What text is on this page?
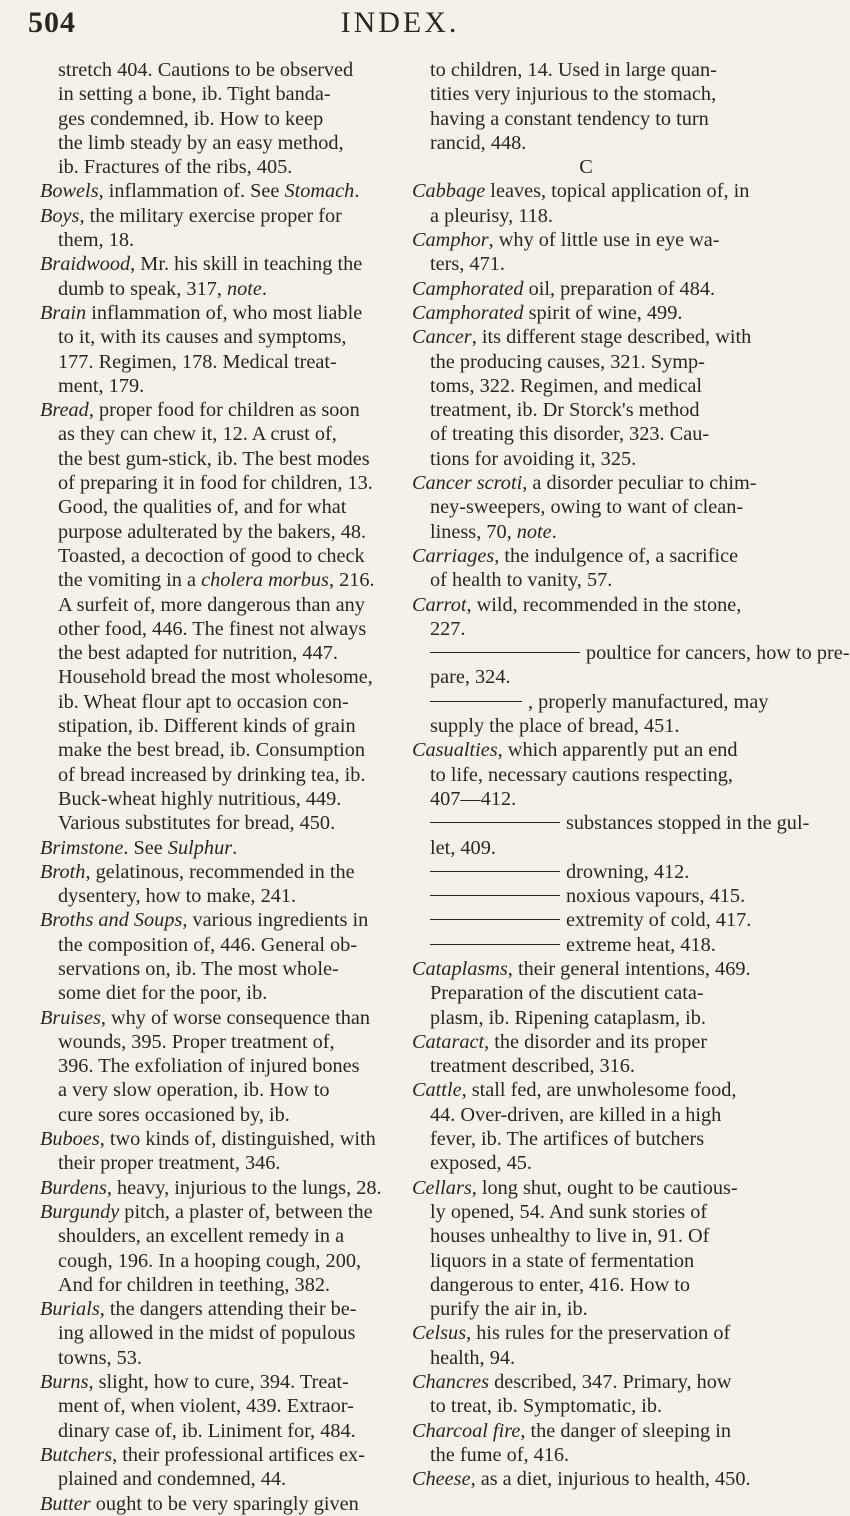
504	INDEX.
stretch 404. Cautions to be observed
in setting a bone, ib. Tight banda-
ges condemned, ib. How to keep
the limb steady by an easy method,
ib. Fractures of the ribs, 405.
Bowels, inflammation of. See Stomach.
Boys, the military exercise proper for
them, 18.
Braidwood, Mr. his skill in teaching the
dumb to speak, 317, note.
Brain inflammation of, who most liable
to it, with its causes and symptoms,
177. Regimen, 178. Medical treat-
ment, 179.
Bread, proper food for children as soon
as they can chew it, 12. A crust of,
the best gum-stick, ib. The best modes
of preparing it in food for children, 13.
Good, the qualities of, and for what
purpose adulterated by the bakers, 48.
Toasted, a decoction of good to check
the vomiting in a cholera morbus, 216.
A surfeit of, more dangerous than any
other food, 446. The finest not always
the best adapted for nutrition, 447.
Household bread the most wholesome,
ib. Wheat flour apt to occasion con-
stipation, ib. Different kinds of grain
make the best bread, ib. Consumption
of bread increased by drinking tea, ib.
Buck-wheat highly nutritious, 449.
Various substitutes for bread, 450.
Brimstone. See Sulphur.
Broth, gelatinous, recommended in the
dysentery, how to make, 241.
Broths and Soups, various ingredients in
the composition of, 446. General ob-
servations on, ib. The most whole-
some diet for the poor, ib.
Bruises, why of worse consequence than
wounds, 395. Proper treatment of,
396. The exfoliation of injured bones
a very slow operation, ib. How to
cure sores occasioned by, ib.
Buboes, two kinds of, distinguished, with
their proper treatment, 346.
Burdens, heavy, injurious to the lungs, 28.
Burgundy pitch, a plaster of, between the
shoulders, an excellent remedy in a
cough, 196. In a hooping cough, 200,
And for children in teething, 382.
Burials, the dangers attending their be-
ing allowed in the midst of populous
towns, 53.
Burns, slight, how to cure, 394. Treat-
ment of, when violent, 439. Extraor-
dinary case of, ib. Liniment for, 484.
Butchers, their professional artifices ex-
plained and condemned, 44.
Butter ought to be very sparingly given
to children, 14. Used in large quan-
tities very injurious to the stomach,
having a constant tendency to turn
rancid, 448.
C
Cabbage leaves, topical application of, in
a pleurisy, 118.
Camphor, why of little use in eye wa-
ters, 471.
Camphorated oil, preparation of 484.
Camphorated spirit of wine, 499.
Cancer, its different stage described, with
the producing causes, 321. Symp-
toms, 322. Regimen, and medical
treatment, ib. Dr Storck's method
of treating this disorder, 323. Cau-
tions for avoiding it, 325.
Cancer scroti, a disorder peculiar to chim-
ney-sweepers, owing to want of clean-
liness, 70, note.
Carriages, the indulgence of, a sacrifice
of health to vanity, 57.
Carrot, wild, recommended in the stone,
227.
poultice for cancers, how to pre-
pare, 324.
, properly manufactured, may
supply the place of bread, 451.
Casualties, which apparently put an end
to life, necessary cautions respecting,
407—412.
substances stopped in the gul-
let, 409.
drowning, 412.
noxious vapours, 415.
extremity of cold, 417.
extreme heat, 418.
Cataplasms, their general intentions, 469.
Preparation of the discutient cata-
plasm, ib. Ripening cataplasm, ib.
Cataract, the disorder and its proper
treatment described, 316.
Cattle, stall fed, are unwholesome food,
44. Over-driven, are killed in a high
fever, ib. The artifices of butchers
exposed, 45.
Cellars, long shut, ought to be cautious-
ly opened, 54. And sunk stories of
houses unhealthy to live in, 91. Of
liquors in a state of fermentation
dangerous to enter, 416. How to
purify the air in, ib.
Celsus, his rules for the preservation of
health, 94.
Chancres described, 347. Primary, how
to treat, ib. Symptomatic, ib.
Charcoal fire, the danger of sleeping in
the fume of, 416.
Cheese, as a diet, injurious to health, 450.
